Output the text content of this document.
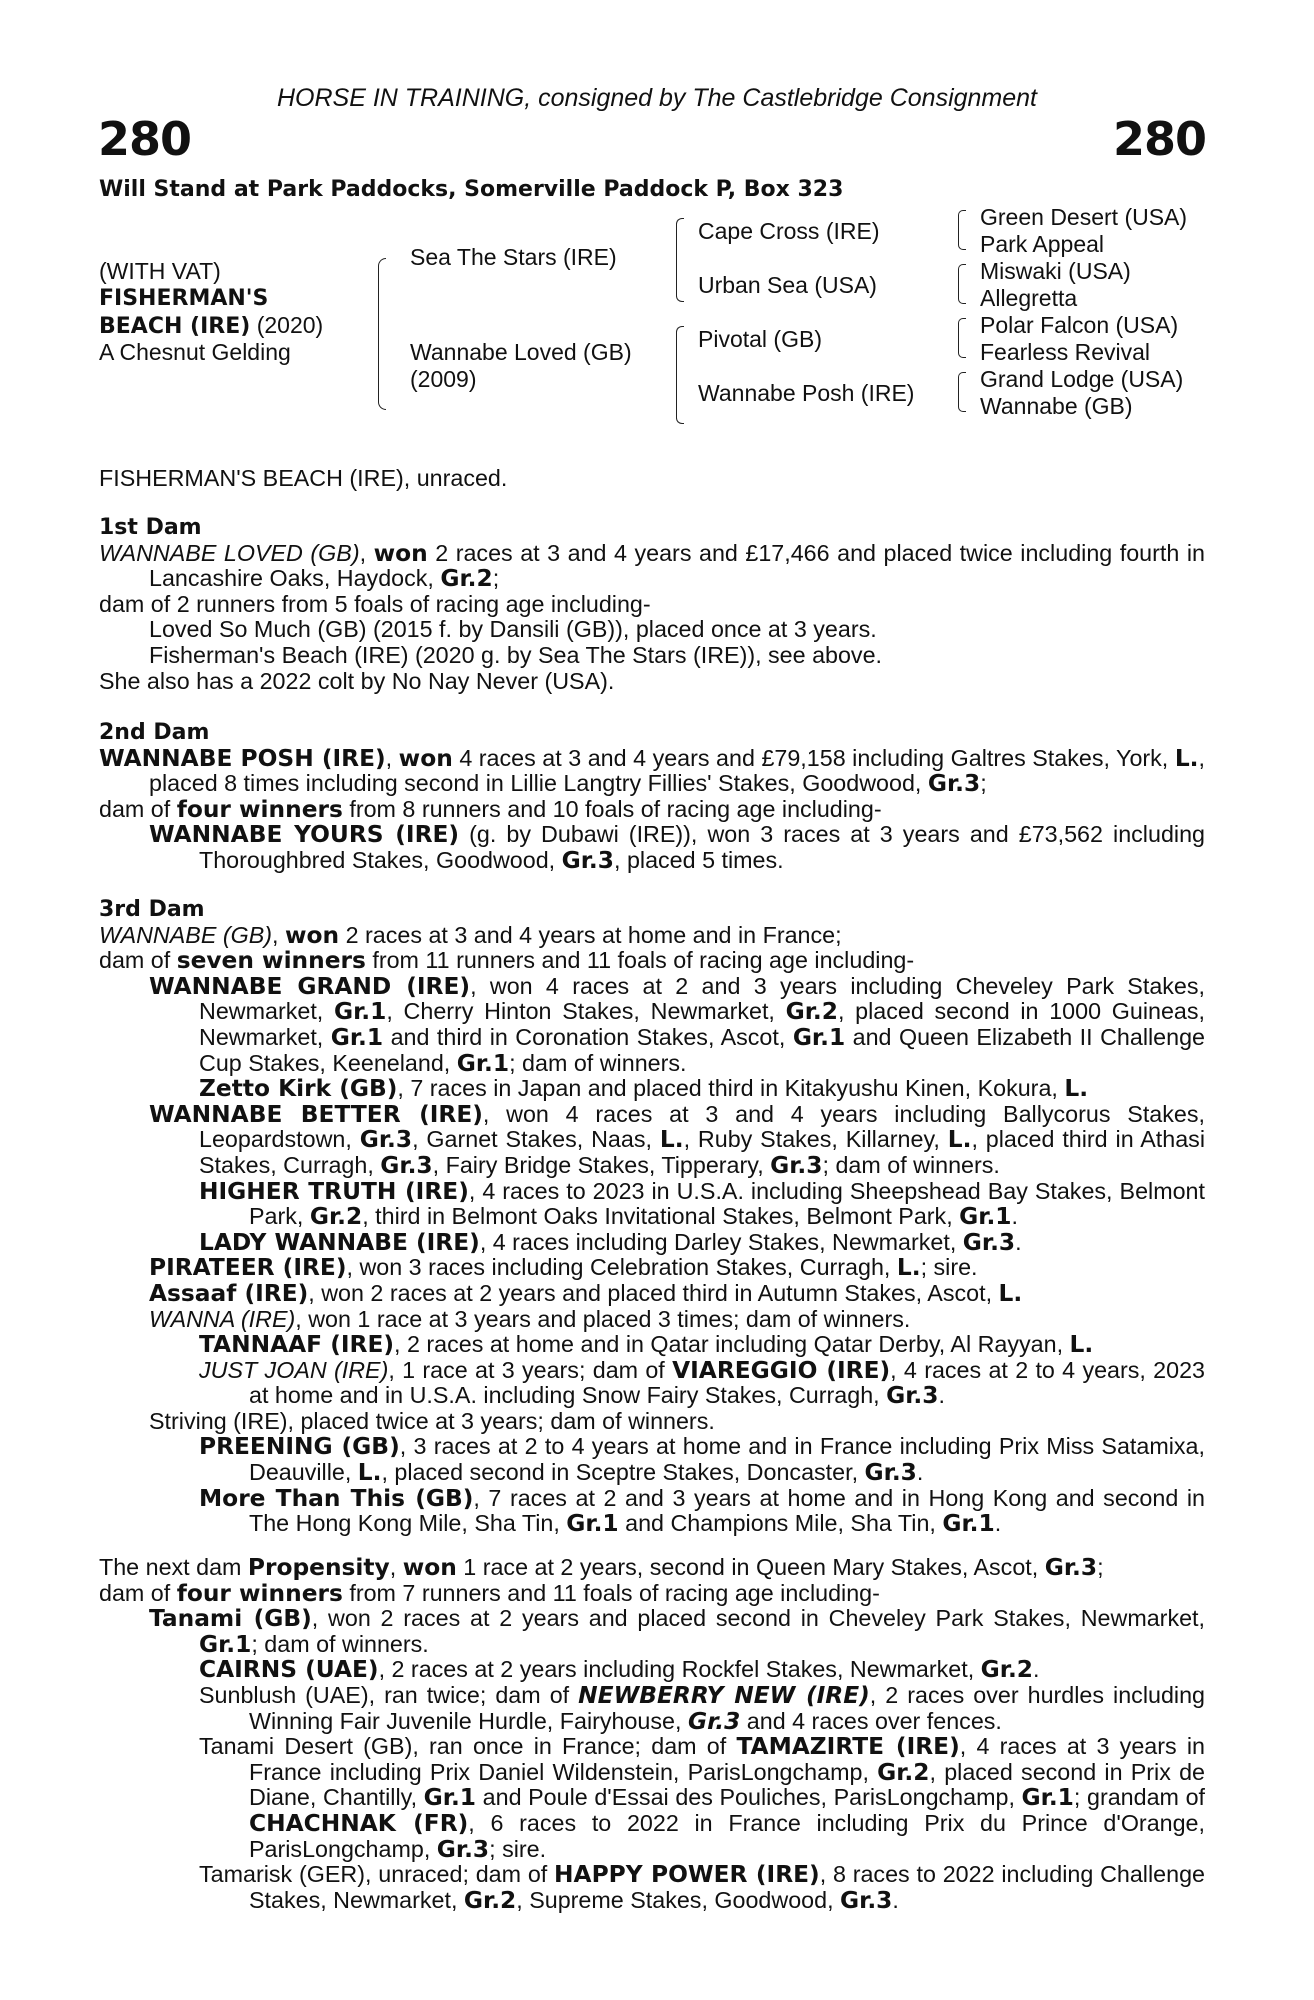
HORSE IN TRAINING, consigned by The Castlebridge Consignment
280	280
Will Stand at Park Paddocks, Somerville Paddock P, Box 323
(WITH VAT)
FISHERMAN'S
BEACH (IRE) (2020)
A Chesnut Gelding
Sea The Stars (IRE)
Wannabe Loved (GB)
(2009)
Cape Cross (IRE)
Urban Sea (USA)
Pivotal (GB)
Wannabe Posh (IRE)
Green Desert (USA)
Park Appeal
Miswaki (USA)
Allegretta
Polar Falcon (USA)
Fearless Revival
Grand Lodge (USA)
Wannabe (GB)
FISHERMAN'S BEACH (IRE), unraced.

1st Dam

WANNABE LOVED (GB), won 2 races at 3 and 4 years and £17,466 and placed twice including fourth in Lancashire Oaks, Haydock, Gr.2;

dam of 2 runners from 5 foals of racing age including-

Loved So Much (GB) (2015 f. by Dansili (GB)), placed once at 3 years.

Fisherman's Beach (IRE) (2020 g. by Sea The Stars (IRE)), see above.

She also has a 2022 colt by No Nay Never (USA).

2nd Dam

WANNABE POSH (IRE), won 4 races at 3 and 4 years and £79,158 including Galtres Stakes, York, L., placed 8 times including second in Lillie Langtry Fillies' Stakes, Goodwood, Gr.3;

dam of four winners from 8 runners and 10 foals of racing age including-

WANNABE YOURS (IRE) (g. by Dubawi (IRE)), won 3 races at 3 years and £73,562 including Thoroughbred Stakes, Goodwood, Gr.3, placed 5 times.

3rd Dam

WANNABE (GB), won 2 races at 3 and 4 years at home and in France;

dam of seven winners from 11 runners and 11 foals of racing age including-

WANNABE GRAND (IRE), won 4 races at 2 and 3 years including Cheveley Park Stakes, Newmarket, Gr.1, Cherry Hinton Stakes, Newmarket, Gr.2, placed second in 1000 Guineas, Newmarket, Gr.1 and third in Coronation Stakes, Ascot, Gr.1 and Queen Elizabeth II Challenge Cup Stakes, Keeneland, Gr.1; dam of winners.

Zetto Kirk (GB), 7 races in Japan and placed third in Kitakyushu Kinen, Kokura, L.

WANNABE BETTER (IRE), won 4 races at 3 and 4 years including Ballycorus Stakes, Leopardstown, Gr.3, Garnet Stakes, Naas, L., Ruby Stakes, Killarney, L., placed third in Athasi Stakes, Curragh, Gr.3, Fairy Bridge Stakes, Tipperary, Gr.3; dam of winners.

HIGHER TRUTH (IRE), 4 races to 2023 in U.S.A. including Sheepshead Bay Stakes, Belmont Park, Gr.2, third in Belmont Oaks Invitational Stakes, Belmont Park, Gr.1.

LADY WANNABE (IRE), 4 races including Darley Stakes, Newmarket, Gr.3.

PIRATEER (IRE), won 3 races including Celebration Stakes, Curragh, L.; sire.

Assaaf (IRE), won 2 races at 2 years and placed third in Autumn Stakes, Ascot, L.

WANNA (IRE), won 1 race at 3 years and placed 3 times; dam of winners.

TANNAAF (IRE), 2 races at home and in Qatar including Qatar Derby, Al Rayyan, L.

JUST JOAN (IRE), 1 race at 3 years; dam of VIAREGGIO (IRE), 4 races at 2 to 4 years, 2023 at home and in U.S.A. including Snow Fairy Stakes, Curragh, Gr.3.

Striving (IRE), placed twice at 3 years; dam of winners.

PREENING (GB), 3 races at 2 to 4 years at home and in France including Prix Miss Satamixa, Deauville, L., placed second in Sceptre Stakes, Doncaster, Gr.3.

More Than This (GB), 7 races at 2 and 3 years at home and in Hong Kong and second in The Hong Kong Mile, Sha Tin, Gr.1 and Champions Mile, Sha Tin, Gr.1.

The next dam Propensity, won 1 race at 2 years, second in Queen Mary Stakes, Ascot, Gr.3;

dam of four winners from 7 runners and 11 foals of racing age including-

Tanami (GB), won 2 races at 2 years and placed second in Cheveley Park Stakes, Newmarket, Gr.1; dam of winners.

CAIRNS (UAE), 2 races at 2 years including Rockfel Stakes, Newmarket, Gr.2.

Sunblush (UAE), ran twice; dam of NEWBERRY NEW (IRE), 2 races over hurdles including Winning Fair Juvenile Hurdle, Fairyhouse, Gr.3 and 4 races over fences.

Tanami Desert (GB), ran once in France; dam of TAMAZIRTE (IRE), 4 races at 3 years in France including Prix Daniel Wildenstein, ParisLongchamp, Gr.2, placed second in Prix de Diane, Chantilly, Gr.1 and Poule d'Essai des Pouliches, ParisLongchamp, Gr.1; grandam of CHACHNAK (FR), 6 races to 2022 in France including Prix du Prince d'Orange, ParisLongchamp, Gr.3; sire.

Tamarisk (GER), unraced; dam of HAPPY POWER (IRE), 8 races to 2022 including Challenge Stakes, Newmarket, Gr.2, Supreme Stakes, Goodwood, Gr.3.
